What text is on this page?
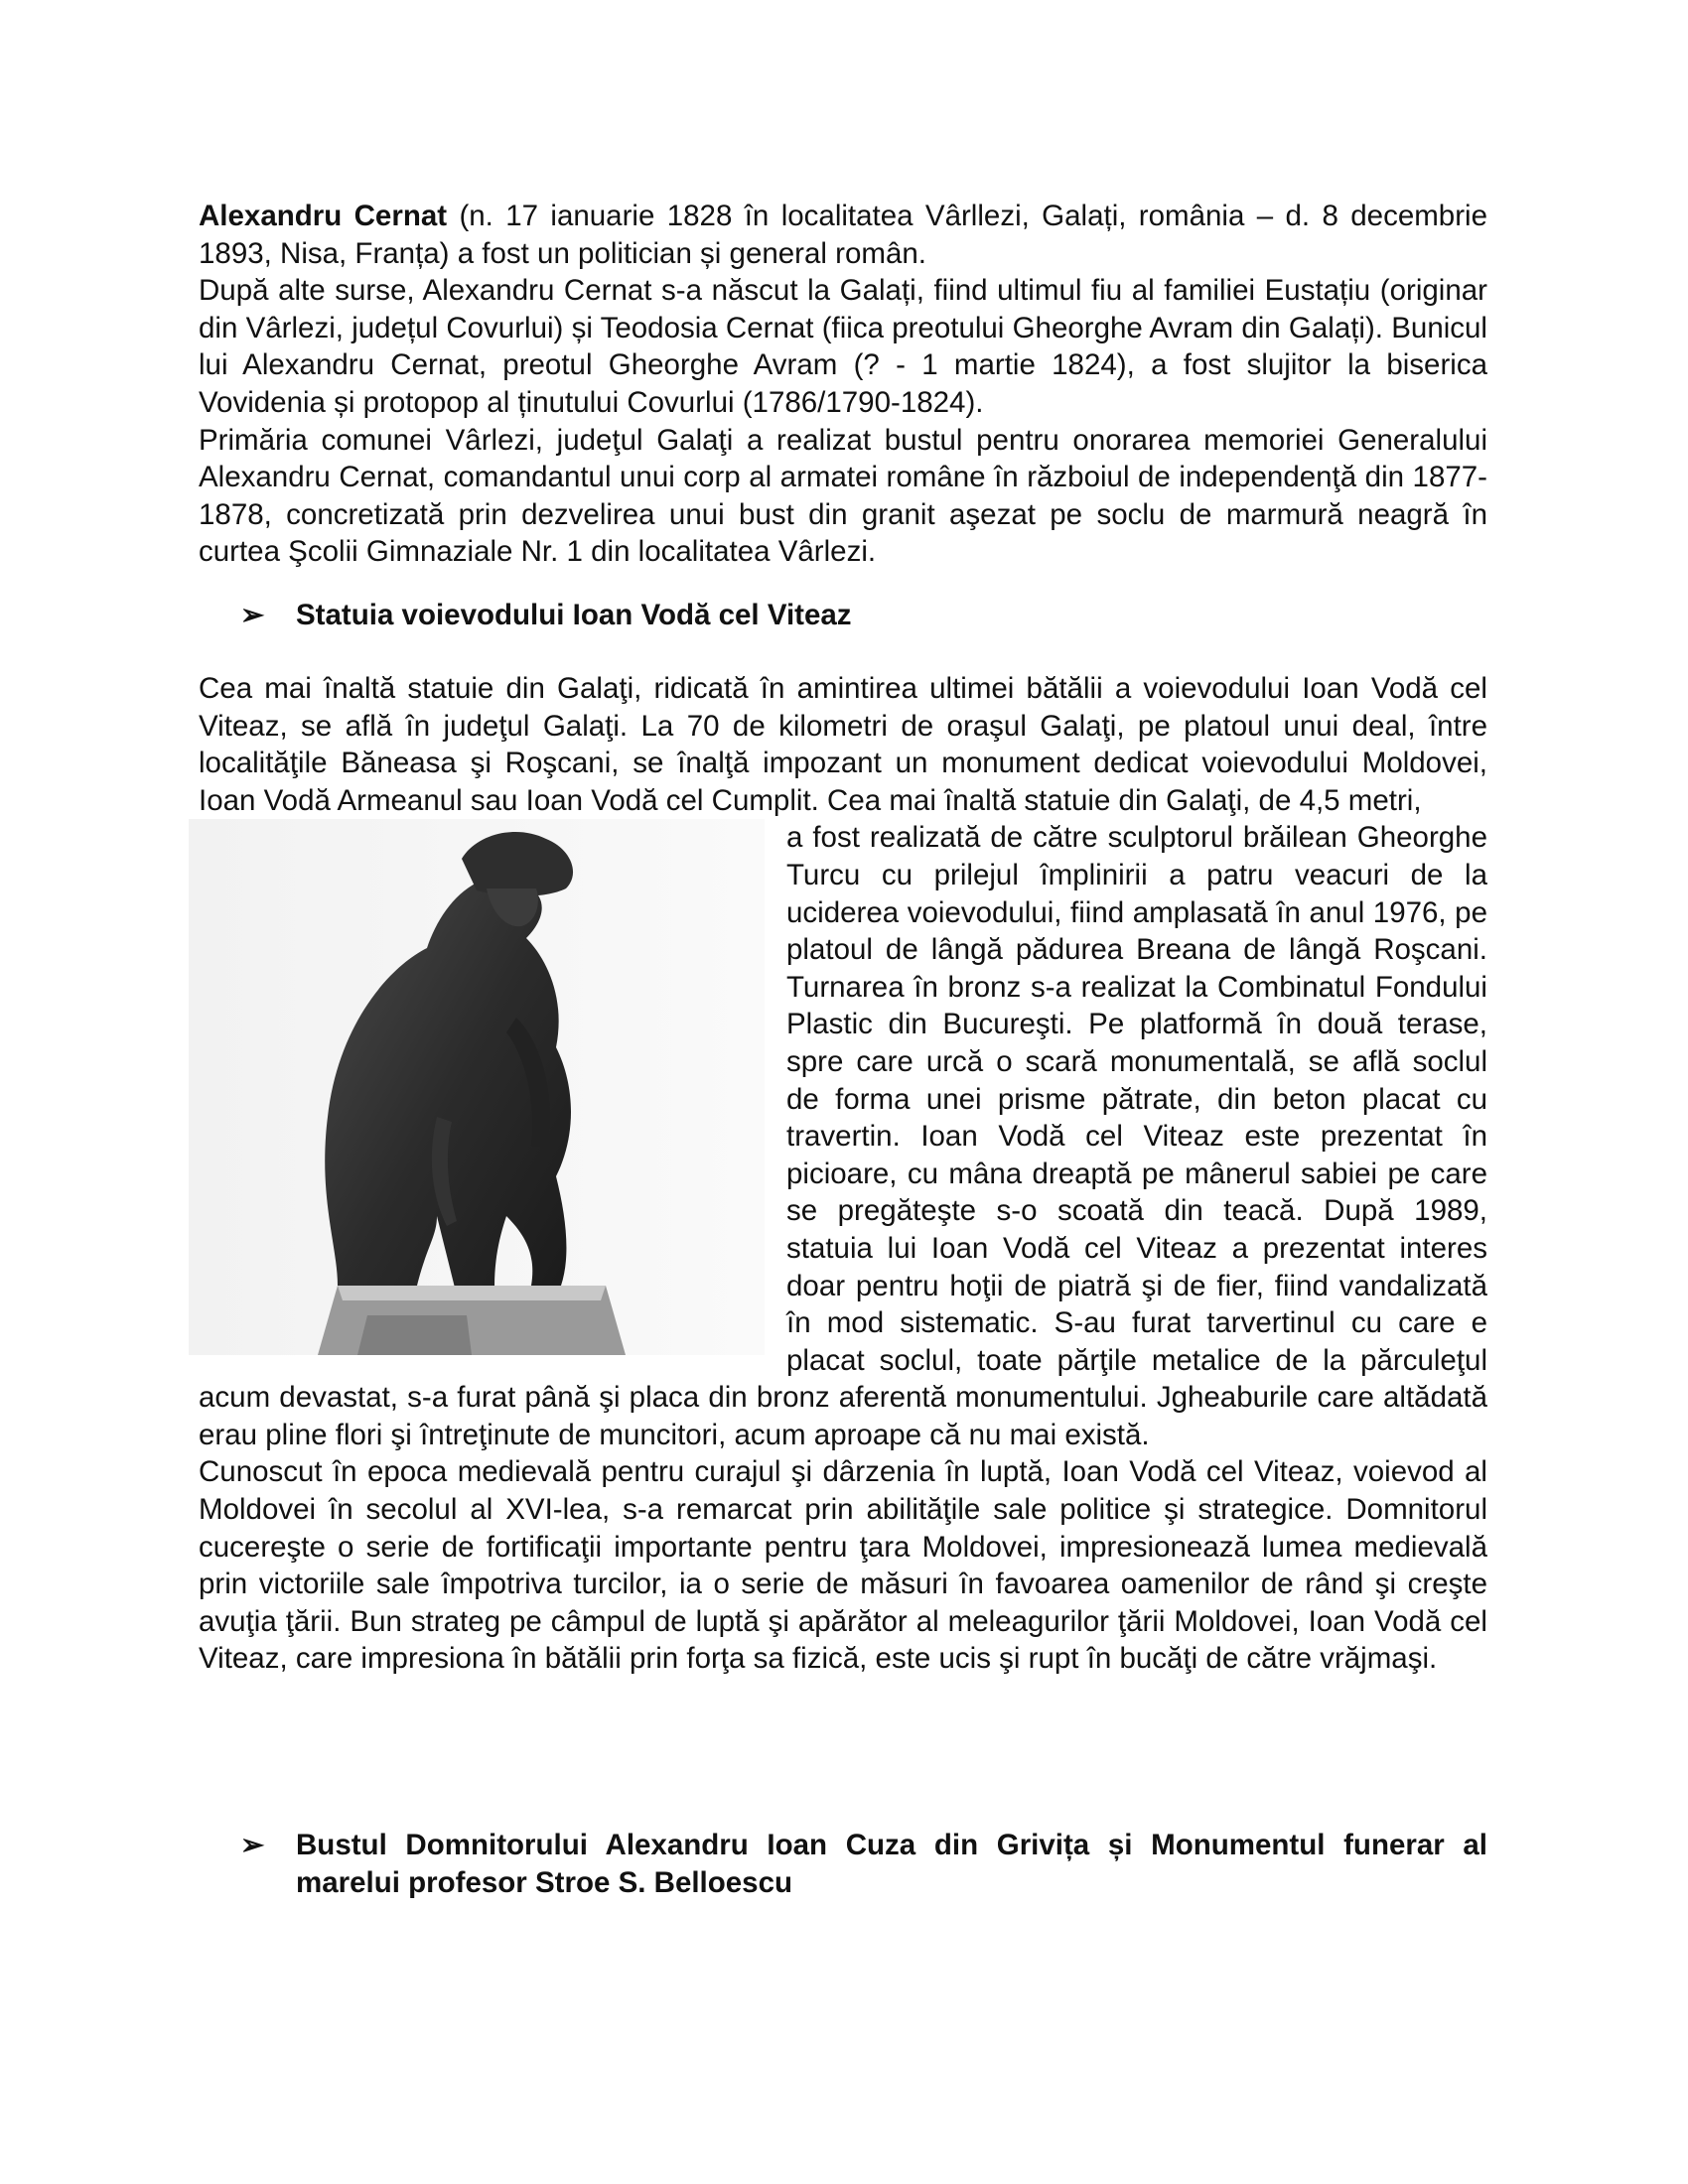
Alexandru Cernat (n. 17 ianuarie 1828 în localitatea Vârllezi, Galați, românia – d. 8 decembrie 1893, Nisa, Franța) a fost un politician și general român.

După alte surse, Alexandru Cernat s-a născut la Galați, fiind ultimul fiu al familiei Eustațiu (originar din Vârlezi, județul Covurlui) și Teodosia Cernat (fiica preotului Gheorghe Avram din Galați). Bunicul lui Alexandru Cernat, preotul Gheorghe Avram (? - 1 martie 1824), a fost slujitor la biserica Vovidenia și protopop al ținutului Covurlui (1786/1790-1824).

Primăria comunei Vârlezi, judeţul Galaţi a realizat bustul pentru onorarea memoriei Generalului Alexandru Cernat, comandantul unui corp al armatei române în războiul de independenţă din 1877-1878, concretizată prin dezvelirea unui bust din granit aşezat pe soclu de marmură neagră în curtea Şcolii Gimnaziale Nr. 1 din localitatea Vârlezi.

➢ Statuia voievodului Ioan Vodă cel Viteaz

Cea mai înaltă statuie din Galaţi, ridicată în amintirea ultimei bătălii a voievodului Ioan Vodă cel Viteaz, se află în judeţul Galaţi. La 70 de kilometri de oraşul Galaţi, pe platoul unui deal, între localităţile Băneasa şi Roşcani, se înalţă impozant un monument dedicat voievodului Moldovei, Ioan Vodă Armeanul sau Ioan Vodă cel Cumplit. Cea mai înaltă statuie din Galaţi, de 4,5 metri,

a fost realizată de către sculptorul brăilean Gheorghe Turcu cu prilejul împlinirii a patru veacuri de la uciderea voievodului, fiind amplasată în anul 1976, pe platoul de lângă pădurea Breana de lângă Roşcani. Turnarea în bronz s-a realizat la Combinatul Fondului Plastic din Bucureşti. Pe platformă în două terase, spre care urcă o scară monumentală, se află soclul de forma unei prisme pătrate, din beton placat cu travertin. Ioan Vodă cel Viteaz este prezentat în picioare, cu mâna dreaptă pe mânerul sabiei pe care se pregăteşte s-o scoată din teacă. După 1989, statuia lui Ioan Vodă cel Viteaz a prezentat interes doar pentru hoţii de piatră şi de fier, fiind vandalizată în mod sistematic. S-au furat tarvertinul cu care e placat soclul, toate părţile metalice de la părculeţul acum devastat, s-a furat până şi placa din bronz aferentă monumentului. Jgheaburile care altădată erau pline flori şi întreţinute de muncitori, acum aproape că nu mai există.

Cunoscut în epoca medievală pentru curajul şi dârzenia în luptă, Ioan Vodă cel Viteaz, voievod al Moldovei în secolul al XVI-lea, s-a remarcat prin abilităţile sale politice şi strategice. Domnitorul cucereşte o serie de fortificaţii importante pentru ţara Moldovei, impresionează lumea medievală prin victoriile sale împotriva turcilor, ia o serie de măsuri în favoarea oamenilor de rând şi creşte avuţia ţării. Bun strateg pe câmpul de luptă şi apărător al meleagurilor ţării Moldovei, Ioan Vodă cel Viteaz, care impresiona în bătălii prin forţa sa fizică, este ucis şi rupt în bucăţi de către vrăjmaşi.

➢ Bustul Domnitorului Alexandru Ioan Cuza din Grivița și Monumentul funerar al marelui profesor Stroe S. Belloescu
